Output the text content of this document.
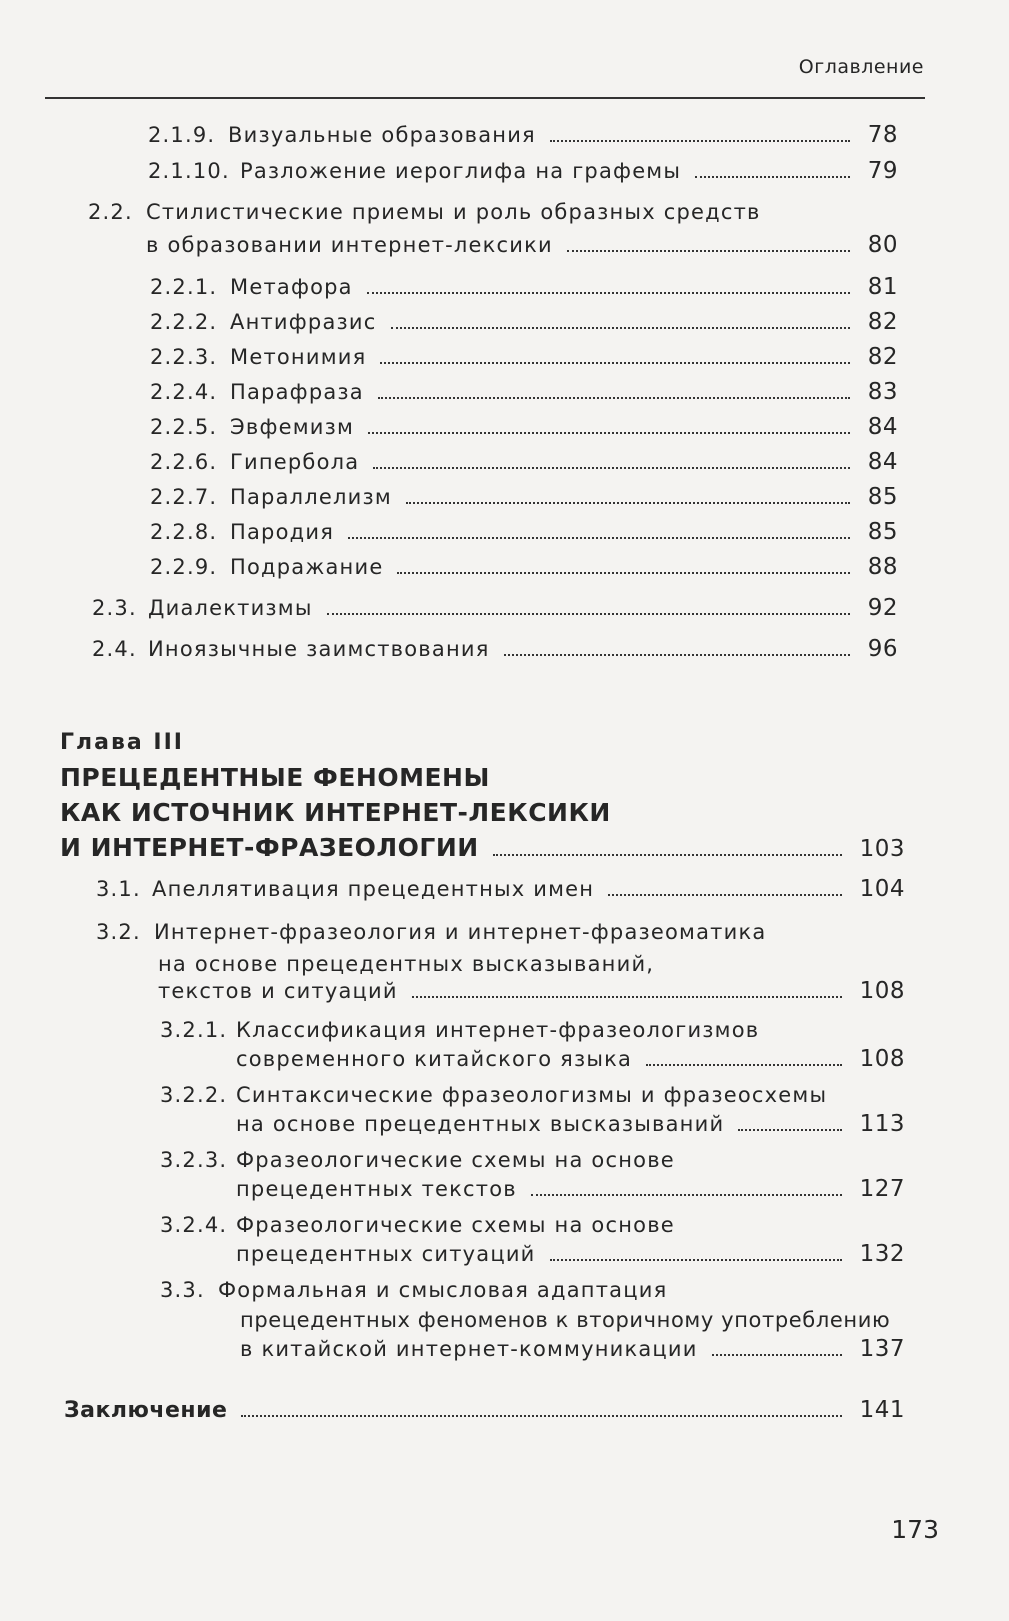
Оглавление
2.1.9. Визуальные образования	78
2.1.10. Разложение иероглифа на графемы	79
2.2. Стилистические приемы и роль образных средств
в образовании интернет-лексики	80
2.2.1. Метафора	81
2.2.2. Антифразис	82
2.2.3. Метонимия	82
2.2.4. Парафраза	83
2.2.5. Эвфемизм	84
2.2.6. Гипербола	84
2.2.7. Параллелизм	85
2.2.8. Пародия	85
2.2.9. Подражание	88
2.3. Диалектизмы	92
2.4. Иноязычные заимствования	96
Глава III
ПРЕЦЕДЕНТНЫЕ ФЕНОМЕНЫ
КАК ИСТОЧНИК ИНТЕРНЕТ-ЛЕКСИКИ
И ИНТЕРНЕТ-ФРАЗЕОЛОГИИ	103
3.1. Апеллятивация прецедентных имен	104
3.2. Интернет-фразеология и интернет-фразеоматика
на основе прецедентных высказываний,
текстов и ситуаций	108
3.2.1. Классификация интернет-фразеологизмов
современного китайского языка	108
3.2.2. Синтаксические фразеологизмы и фразеосхемы
на основе прецедентных высказываний	113
3.2.3. Фразеологические схемы на основе
прецедентных текстов	127
3.2.4. Фразеологические схемы на основе
прецедентных ситуаций	132
3.3. Формальная и смысловая адаптация
прецедентных феноменов к вторичному употреблению
в китайской интернет-коммуникации	137
Заключение	141
173
